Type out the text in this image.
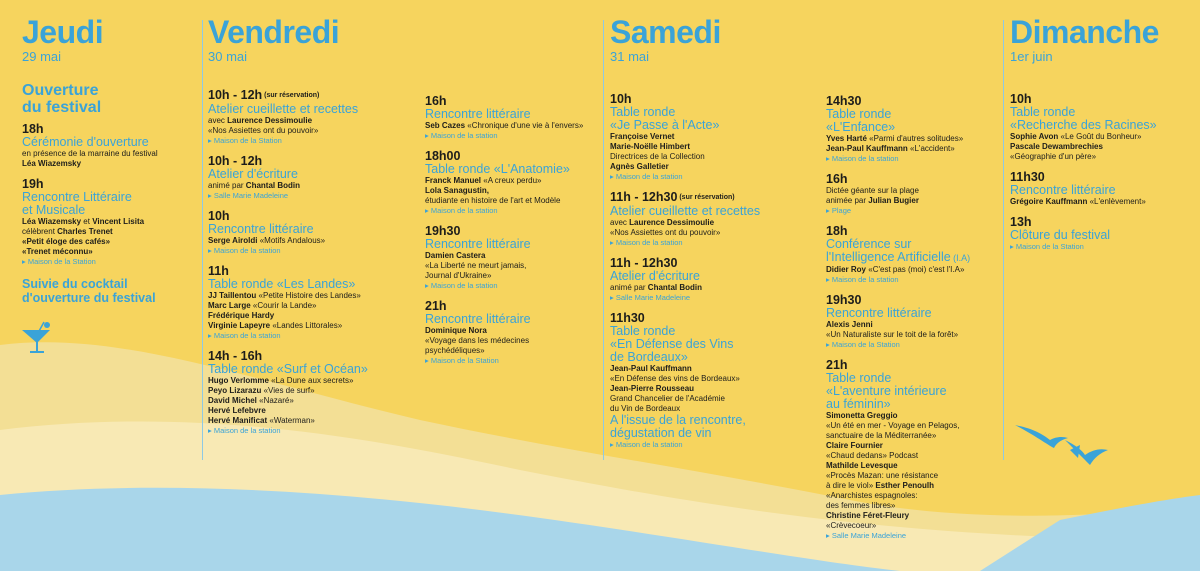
Jeudi
29 mai
Ouverture
du festival
18h
Cérémonie d'ouverture
en présence de la marraine du festival
Léa Wiazemsky
19h
Rencontre Littéraire
et Musicale
Léa Wiazemsky et Vincent Lisita
célèbrent Charles Trenet
«Petit éloge des cafés»
«Trenet méconnu»
▸ Maison de la Station
Suivie du cocktail
d'ouverture du festival
Vendredi
30 mai
10h - 12h (sur réservation)
Atelier cueillette et recettes
avec Laurence Dessimoulie
«Nos Assiettes ont du pouvoir»
▸ Maison de la Station
10h - 12h
Atelier d'écriture
animé par Chantal Bodin
▸ Salle Marie Madeleine
10h
Rencontre littéraire
Serge Airoldi «Motifs Andalous»
▸ Maison de la station
11h
Table ronde «Les Landes»
JJ Taillentou «Petite Histoire des Landes»
Marc Large «Courir la Lande»
Frédérique Hardy
Virginie Lapeyre «Landes Littorales»
▸ Maison de la station
14h - 16h
Table ronde «Surf et Océan»
Hugo Verlomme «La Dune aux secrets»
Peyo Lizarazu «Vies de surf»
David Michel «Nazaré»
Hervé Lefebvre
Hervé Manificat «Waterman»
▸ Maison de la station
16h
Rencontre littéraire
Seb Cazes «Chronique d'une vie à l'envers»
▸ Maison de la station
18h00
Table ronde «L'Anatomie»
Franck Manuel «A creux perdu»
Lola Sanagustin,
étudiante en histoire de l'art et Modèle
▸ Maison de la station
19h30
Rencontre littéraire
Damien Castera
«La Liberté ne meurt jamais,
Journal d'Ukraine»
▸ Maison de la station
21h
Rencontre littéraire
Dominique Nora
«Voyage dans les médecines
psychédéliques»
▸ Maison de la Station
Samedi
31 mai
10h
Table ronde
«Je Passe à l'Acte»
Françoise Vernet
Marie-Noëlle Himbert
Directrices de la Collection
Agnès Galletier
▸ Maison de la station
11h - 12h30 (sur réservation)
Atelier cueillette et recettes
avec Laurence Dessimoulie
«Nos Assiettes ont du pouvoir»
▸ Maison de la station
11h - 12h30
Atelier d'écriture
animé par Chantal Bodin
▸ Salle Marie Madeleine
11h30
Table ronde
«En Défense des Vins
de Bordeaux»
Jean-Paul Kauffmann
«En Défense des vins de Bordeaux»
Jean-Pierre Rousseau
Grand Chancelier de l'Académie
du Vin de Bordeaux
A l'issue de la rencontre,
dégustation de vin
▸ Maison de la station
14h30
Table ronde
«L'Enfance»
Yves Harté «Parmi d'autres solitudes»
Jean-Paul Kauffmann «L'accident»
▸ Maison de la station
16h
Dictée géante sur la plage
animée par Julian Bugier
▸ Plage
18h
Conférence sur
l'Intelligence Artificielle (I.A)
Didier Roy «C'est pas (moi) c'est l'I.A»
▸ Maison de la station
19h30
Rencontre littéraire
Alexis Jenni
«Un Naturaliste sur le toit de la forêt»
▸ Maison de la Station
21h
Table ronde
«L'aventure intérieure
au féminin»
Simonetta Greggio
«Un été en mer - Voyage en Pelagos,
sanctuaire de la Méditerranée»
Claire Fournier
«Chaud dedans» Podcast
Mathilde Levesque
«Procès Mazan: une résistance
à dire le viol» Esther Penoulh
«Anarchistes espagnoles:
des femmes libres»
Christine Féret-Fleury
«Crèvecoeur»
▸ Salle Marie Madeleine
Dimanche
1er juin
10h
Table ronde
«Recherche des Racines»
Sophie Avon «Le Goût du Bonheur»
Pascale Dewambrechies
«Géographie d'un père»
11h30
Rencontre littéraire
Grégoire Kauffmann «L'enlèvement»
13h
Clôture du festival
▸ Maison de la Station
